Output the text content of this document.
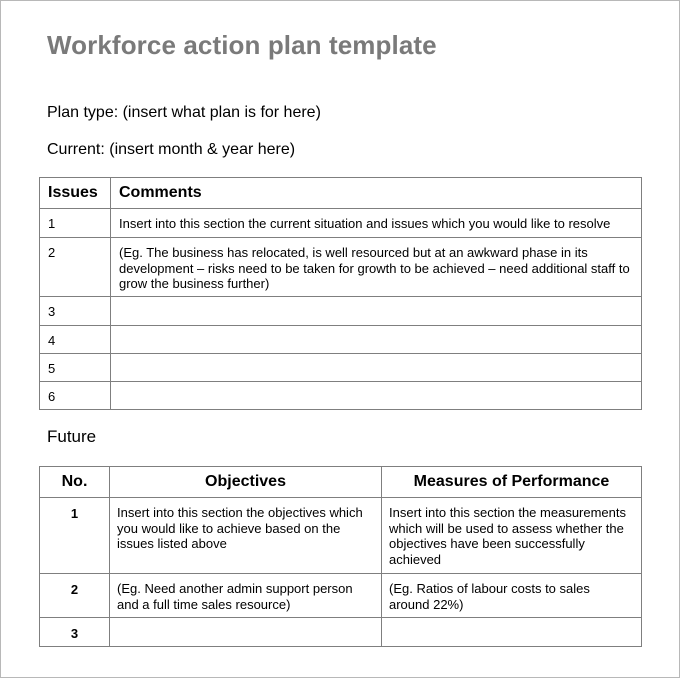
Workforce action plan template
Plan type: (insert what plan is for here)
Current: (insert month & year here)
Issues	Comments
1	Insert into this section the current situation and issues which you would like to resolve
2	(Eg. The business has relocated, is well resourced but at an awkward phase in its development – risks need to be taken for growth to be achieved – need additional staff to grow the business further)
3	
4	
5	
6	
Future
No.	Objectives	Measures of Performance
1	Insert into this section the objectives which you would like to achieve based on the issues listed above	Insert into this section the measurements which will be used to assess whether the objectives have been successfully achieved
2	(Eg. Need another admin support person and a full time sales resource)	(Eg. Ratios of labour costs to sales around 22%)
3		
